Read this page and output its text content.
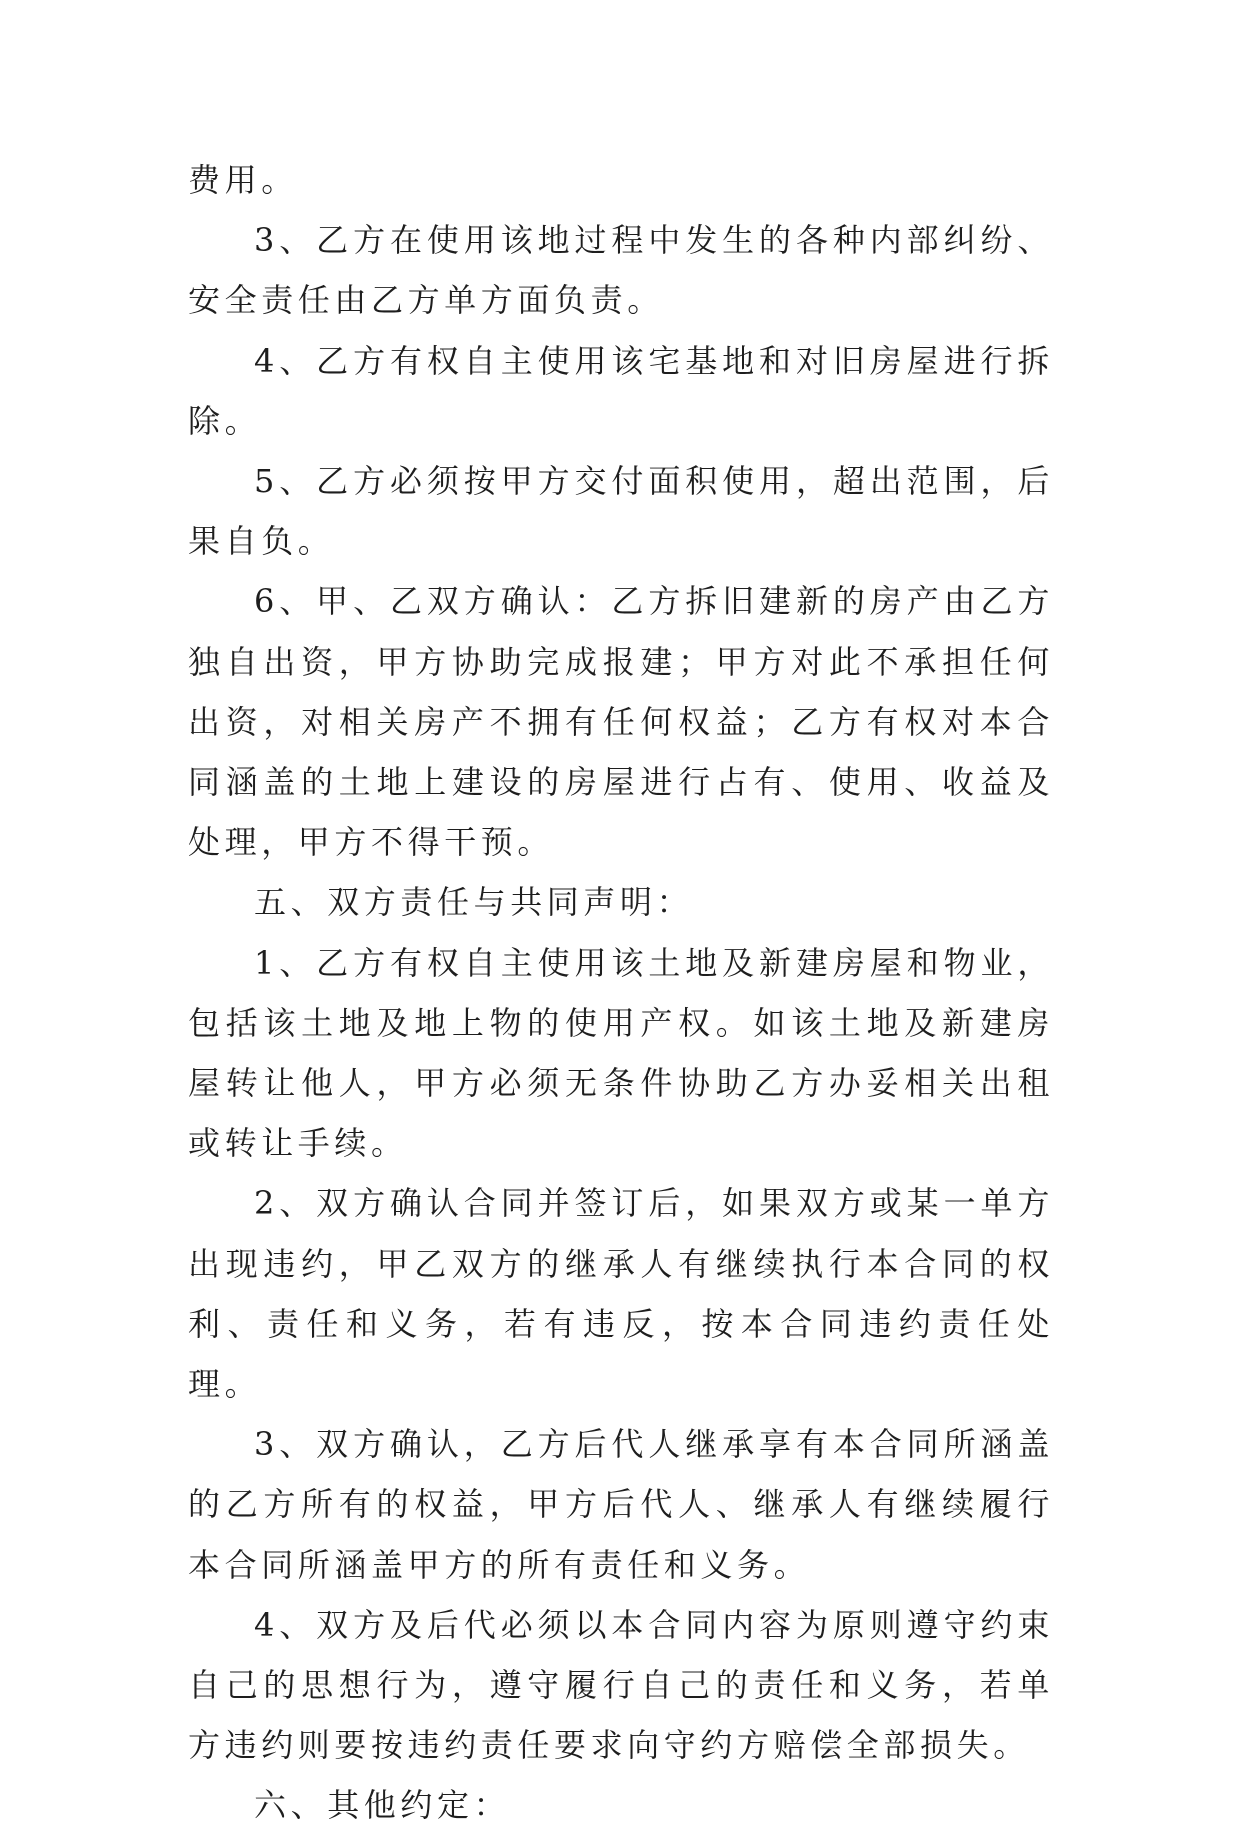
费用。

3、乙方在使用该地过程中发生的各种内部纠纷、安全责任由乙方单方面负责。

4、乙方有权自主使用该宅基地和对旧房屋进行拆除。

5、乙方必须按甲方交付面积使用，超出范围，后果自负。

6、甲、乙双方确认：乙方拆旧建新的房产由乙方独自出资，甲方协助完成报建；甲方对此不承担任何出资，对相关房产不拥有任何权益；乙方有权对本合同涵盖的土地上建设的房屋进行占有、使用、收益及处理，甲方不得干预。

五、双方责任与共同声明：

1、乙方有权自主使用该土地及新建房屋和物业，包括该土地及地上物的使用产权。如该土地及新建房屋转让他人，甲方必须无条件协助乙方办妥相关出租或转让手续。

2、双方确认合同并签订后，如果双方或某一单方出现违约，甲乙双方的继承人有继续执行本合同的权利、责任和义务，若有违反，按本合同违约责任处理。

3、双方确认，乙方后代人继承享有本合同所涵盖的乙方所有的权益，甲方后代人、继承人有继续履行本合同所涵盖甲方的所有责任和义务。

4、双方及后代必须以本合同内容为原则遵守约束自己的思想行为，遵守履行自己的责任和义务，若单方违约则要按违约责任要求向守约方赔偿全部损失。

六、其他约定：
